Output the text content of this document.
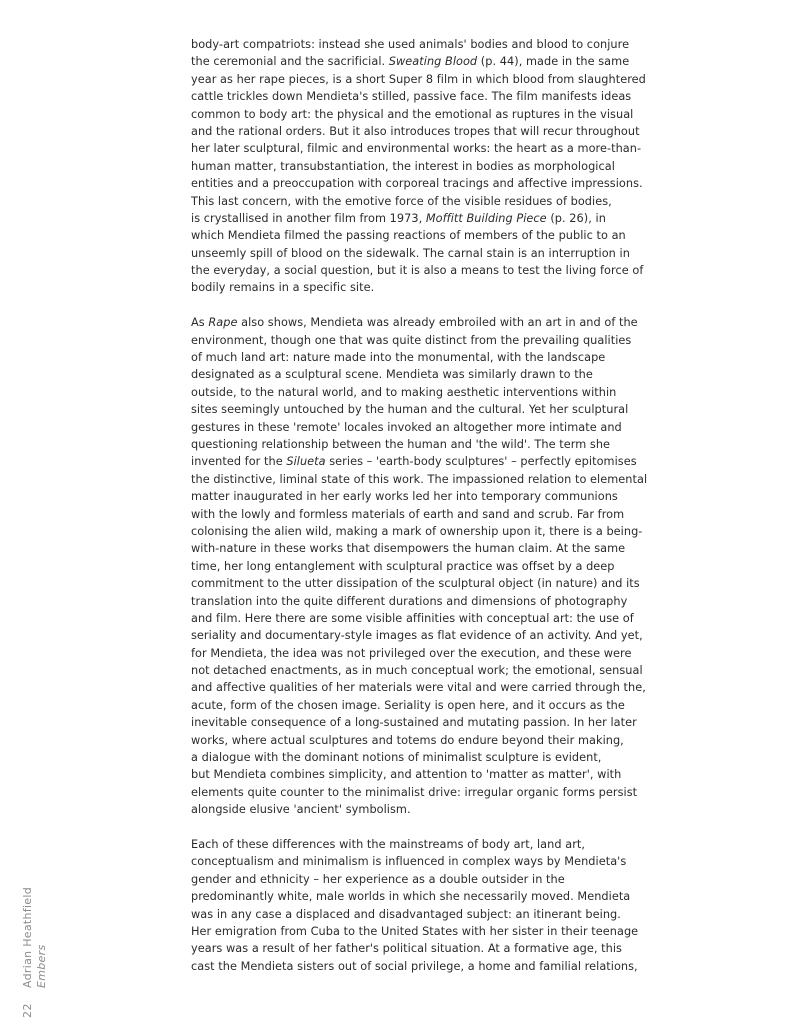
body-art compatriots: instead she used animals' bodies and blood to conjure
the ceremonial and the sacrificial. Sweating Blood (p. 44), made in the same
year as her rape pieces, is a short Super 8 film in which blood from slaughtered
cattle trickles down Mendieta's stilled, passive face. The film manifests ideas
common to body art: the physical and the emotional as ruptures in the visual
and the rational orders. But it also introduces tropes that will recur throughout
her later sculptural, filmic and environmental works: the heart as a more-than-
human matter, transubstantiation, the interest in bodies as morphological
entities and a preoccupation with corporeal tracings and affective impressions.
This last concern, with the emotive force of the visible residues of bodies,
is crystallised in another film from 1973, Moffitt Building Piece (p. 26), in
which Mendieta filmed the passing reactions of members of the public to an
unseemly spill of blood on the sidewalk. The carnal stain is an interruption in
the everyday, a social question, but it is also a means to test the living force of
bodily remains in a specific site.
As Rape also shows, Mendieta was already embroiled with an art in and of the
environment, though one that was quite distinct from the prevailing qualities
of much land art: nature made into the monumental, with the landscape
designated as a sculptural scene. Mendieta was similarly drawn to the
outside, to the natural world, and to making aesthetic interventions within
sites seemingly untouched by the human and the cultural. Yet her sculptural
gestures in these 'remote' locales invoked an altogether more intimate and
questioning relationship between the human and 'the wild'. The term she
invented for the Silueta series – 'earth-body sculptures' – perfectly epitomises
the distinctive, liminal state of this work. The impassioned relation to elemental
matter inaugurated in her early works led her into temporary communions
with the lowly and formless materials of earth and sand and scrub. Far from
colonising the alien wild, making a mark of ownership upon it, there is a being-
with-nature in these works that disempowers the human claim. At the same
time, her long entanglement with sculptural practice was offset by a deep
commitment to the utter dissipation of the sculptural object (in nature) and its
translation into the quite different durations and dimensions of photography
and film. Here there are some visible affinities with conceptual art: the use of
seriality and documentary-style images as flat evidence of an activity. And yet,
for Mendieta, the idea was not privileged over the execution, and these were
not detached enactments, as in much conceptual work; the emotional, sensual
and affective qualities of her materials were vital and were carried through the,
acute, form of the chosen image. Seriality is open here, and it occurs as the
inevitable consequence of a long-sustained and mutating passion. In her later
works, where actual sculptures and totems do endure beyond their making,
a dialogue with the dominant notions of minimalist sculpture is evident,
but Mendieta combines simplicity, and attention to 'matter as matter', with
elements quite counter to the minimalist drive: irregular organic forms persist
alongside elusive 'ancient' symbolism.
Each of these differences with the mainstreams of body art, land art,
conceptualism and minimalism is influenced in complex ways by Mendieta's
gender and ethnicity – her experience as a double outsider in the
predominantly white, male worlds in which she necessarily moved. Mendieta
was in any case a displaced and disadvantaged subject: an itinerant being.
Her emigration from Cuba to the United States with her sister in their teenage
years was a result of her father's political situation. At a formative age, this
cast the Mendieta sisters out of social privilege, a home and familial relations,
22
Adrian Heathfield Embers
